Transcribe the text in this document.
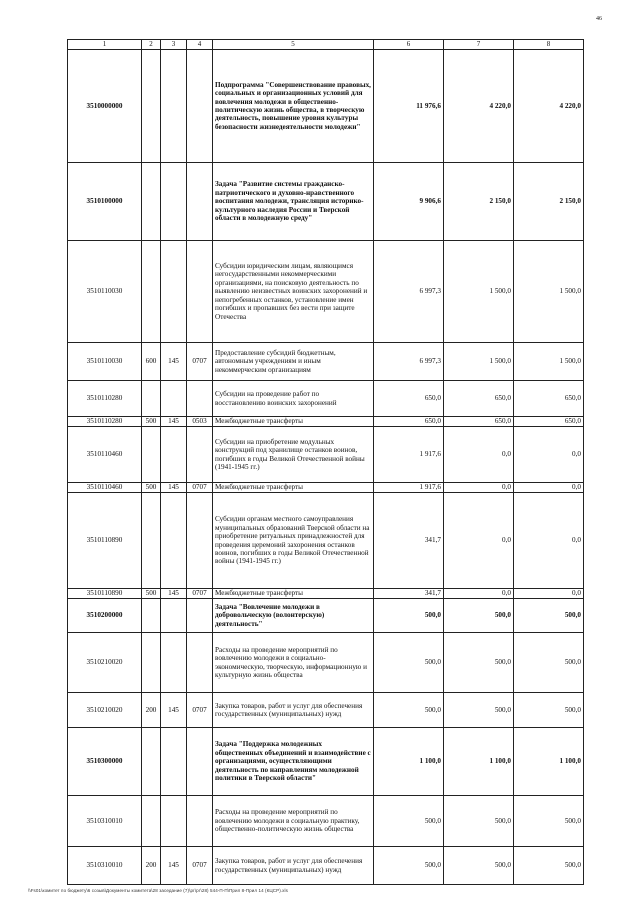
46
1	2	3	4	5	6	7	8
3510000000				Подпрограмма "Совершенствование правовых, социальных и организационных условий для вовлечения молодежи в общественно-политическую жизнь общества, в творческую деятельность, повышение уровня культуры безопасности жизнедеятельности молодежи"	11 976,6	4 220,0	4 220,0
3510100000				Задача "Развитие системы гражданско-патриотического и духовно-нравственного воспитания молодежи, трансляция историко-культурного наследия России и Тверской области в молодежную среду"	9 906,6	2 150,0	2 150,0
3510110030				Субсидии юридическим лицам, являющимся негосударственными некоммерческими организациями, на поисковую деятельность по выявлению неизвестных воинских захоронений и непогребенных останков, установление имен погибших и пропавших без вести при защите Отечества	6 997,3	1 500,0	1 500,0
3510110030	600	145	0707	Предоставление субсидий бюджетным, автономным учреждениям и иным некоммерческим организациям	6 997,3	1 500,0	1 500,0
3510110280				Субсидии на проведение работ по восстановлению воинских захоронений	650,0	650,0	650,0
3510110280	500	145	0503	Межбюджетные трансферты	650,0	650,0	650,0
3510110460				Субсидии на приобретение модульных конструкций под хранилище останков воинов, погибших в годы Великой Отечественной войны (1941-1945 гг.)	1 917,6	0,0	0,0
3510110460	500	145	0707	Межбюджетные трансферты	1 917,6	0,0	0,0
3510110890				Субсидии органам местного самоуправления муниципальных образований Тверской области на приобретение ритуальных принадлежностей для проведения церемоний захоронения останков воинов, погибших в годы Великой Отечественной войны (1941-1945 гг.)	341,7	0,0	0,0
3510110890	500	145	0707	Межбюджетные трансферты	341,7	0,0	0,0
3510200000				Задача "Вовлечение молодежи в добровольческую (волонтерскую) деятельность"	500,0	500,0	500,0
3510210020				Расходы на проведение мероприятий по вовлечению молодежи в социально-экономическую, творческую, информационную и культурную жизнь общества	500,0	500,0	500,0
3510210020	200	145	0707	Закупка товаров, работ и услуг для обеспечения государственных (муниципальных) нужд	500,0	500,0	500,0
3510300000				Задача "Поддержка молодежных общественных объединений и взаимодействие с организациями, осуществляющими деятельность по направлениям молодежной политики в Тверской области"	1 100,0	1 100,0	1 100,0
3510310010				Расходы на проведение мероприятий по вовлечению молодежи в социальную практику, общественно-политическую жизнь общества	500,0	500,0	500,0
3510310010	200	145	0707	Закупка товаров, работ и услуг для обеспечения государственных (муниципальных) нужд	500,0	500,0	500,0
\\Fs01\комитет по бюджету\6 созыв\Документы комитета\28 заседание (7)\рг\рг\28) 544-П-П\Прил 8-Прил 14 (КЦСР).xls
